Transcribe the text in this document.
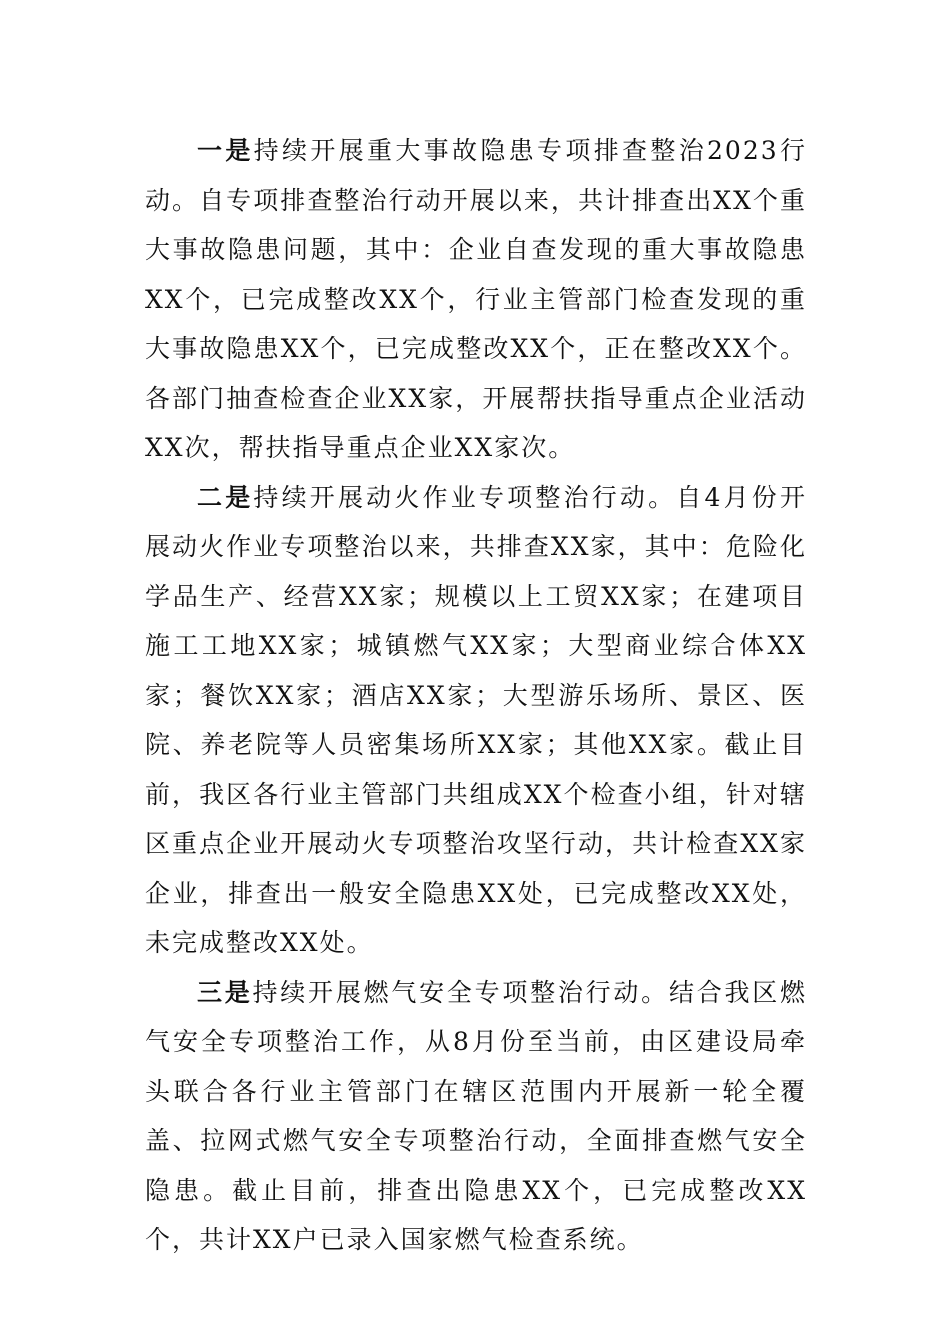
一是持续开展重大事故隐患专项排查整治2023行动。自专项排查整治行动开展以来，共计排查出XX个重大事故隐患问题，其中：企业自查发现的重大事故隐患XX个，已完成整改XX个，行业主管部门检查发现的重大事故隐患XX个，已完成整改XX个，正在整改XX个。各部门抽查检查企业XX家，开展帮扶指导重点企业活动XX次，帮扶指导重点企业XX家次。

二是持续开展动火作业专项整治行动。自4月份开展动火作业专项整治以来，共排查XX家，其中：危险化学品生产、经营XX家；规模以上工贸XX家；在建项目施工工地XX家；城镇燃气XX家；大型商业综合体XX家；餐饮XX家；酒店XX家；大型游乐场所、景区、医院、养老院等人员密集场所XX家；其他XX家。截止目前，我区各行业主管部门共组成XX个检查小组，针对辖区重点企业开展动火专项整治攻坚行动，共计检查XX家企业，排查出一般安全隐患XX处，已完成整改XX处，未完成整改XX处。

三是持续开展燃气安全专项整治行动。结合我区燃气安全专项整治工作，从8月份至当前，由区建设局牵头联合各行业主管部门在辖区范围内开展新一轮全覆盖、拉网式燃气安全专项整治行动，全面排查燃气安全隐患。截止目前，排查出隐患XX个，已完成整改XX个，共计XX户已录入国家燃气检查系统。
